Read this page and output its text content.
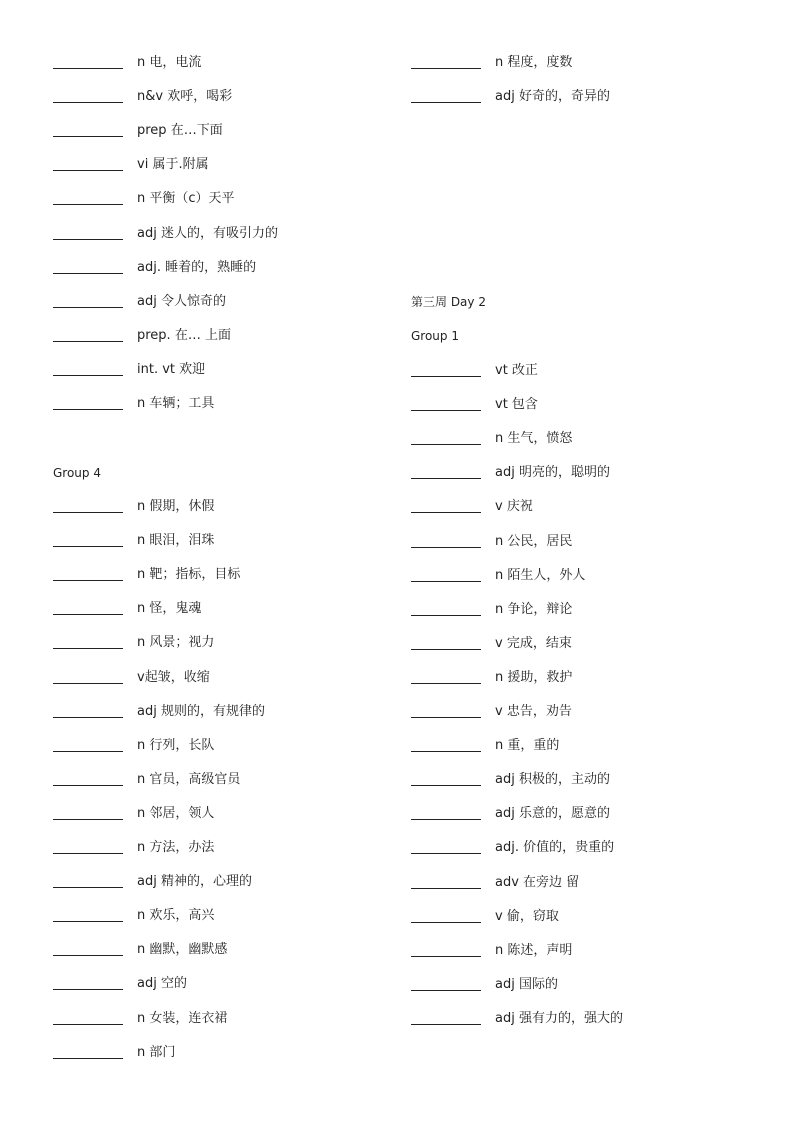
n 电，电流
n&v 欢呼，喝彩
prep 在…下面
vi 属于.附属
n 平衡（c）天平
adj 迷人的，有吸引力的
adj. 睡着的，熟睡的
adj 令人惊奇的
prep. 在… 上面
int. vt 欢迎
n 车辆；工具
Group 4
n 假期，休假
n 眼泪，泪珠
n 靶；指标，目标
n 怪，鬼魂
n 风景；视力
v起皱，收缩
adj 规则的，有规律的
n 行列，长队
n 官员，高级官员
n 邻居，领人
n 方法，办法
adj 精神的，心理的
n 欢乐，高兴
n 幽默，幽默感
adj 空的
n 女装，连衣裙
n 部门
n 程度，度数
adj 好奇的，奇异的
第三周 Day 2
Group 1
vt 改正
vt 包含
n 生气，愤怒
adj 明亮的，聪明的
v 庆祝
n 公民，居民
n 陌生人，外人
n 争论，辩论
v 完成，结束
n 援助，救护
v 忠告，劝告
n 重，重的
adj 积极的，主动的
adj 乐意的，愿意的
adj. 价值的，贵重的
adv 在旁边 留
v 偷，窃取
n 陈述，声明
adj 国际的
adj 强有力的，强大的
